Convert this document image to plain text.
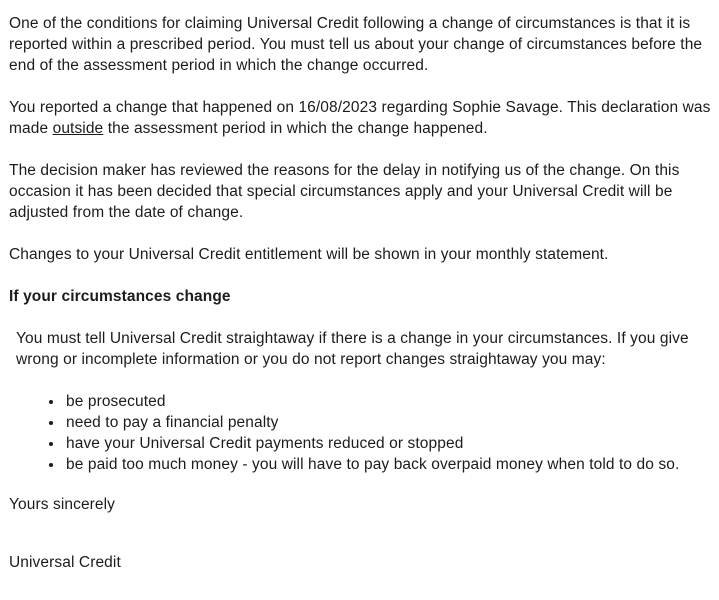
One of the conditions for claiming Universal Credit following a change of circumstances is that it is reported within a prescribed period. You must tell us about your change of circumstances before the end of the assessment period in which the change occurred.

You reported a change that happened on 16/08/2023 regarding Sophie Savage. This declaration was made outside the assessment period in which the change happened.

The decision maker has reviewed the reasons for the delay in notifying us of the change. On this occasion it has been decided that special circumstances apply and your Universal Credit will be adjusted from the date of change.

Changes to your Universal Credit entitlement will be shown in your monthly statement.

If your circumstances change

You must tell Universal Credit straightaway if there is a change in your circumstances. If you give wrong or incomplete information or you do not report changes straightaway you may:

• be prosecuted
• need to pay a financial penalty
• have your Universal Credit payments reduced or stopped
• be paid too much money - you will have to pay back overpaid money when told to do so.

Yours sincerely

Universal Credit
